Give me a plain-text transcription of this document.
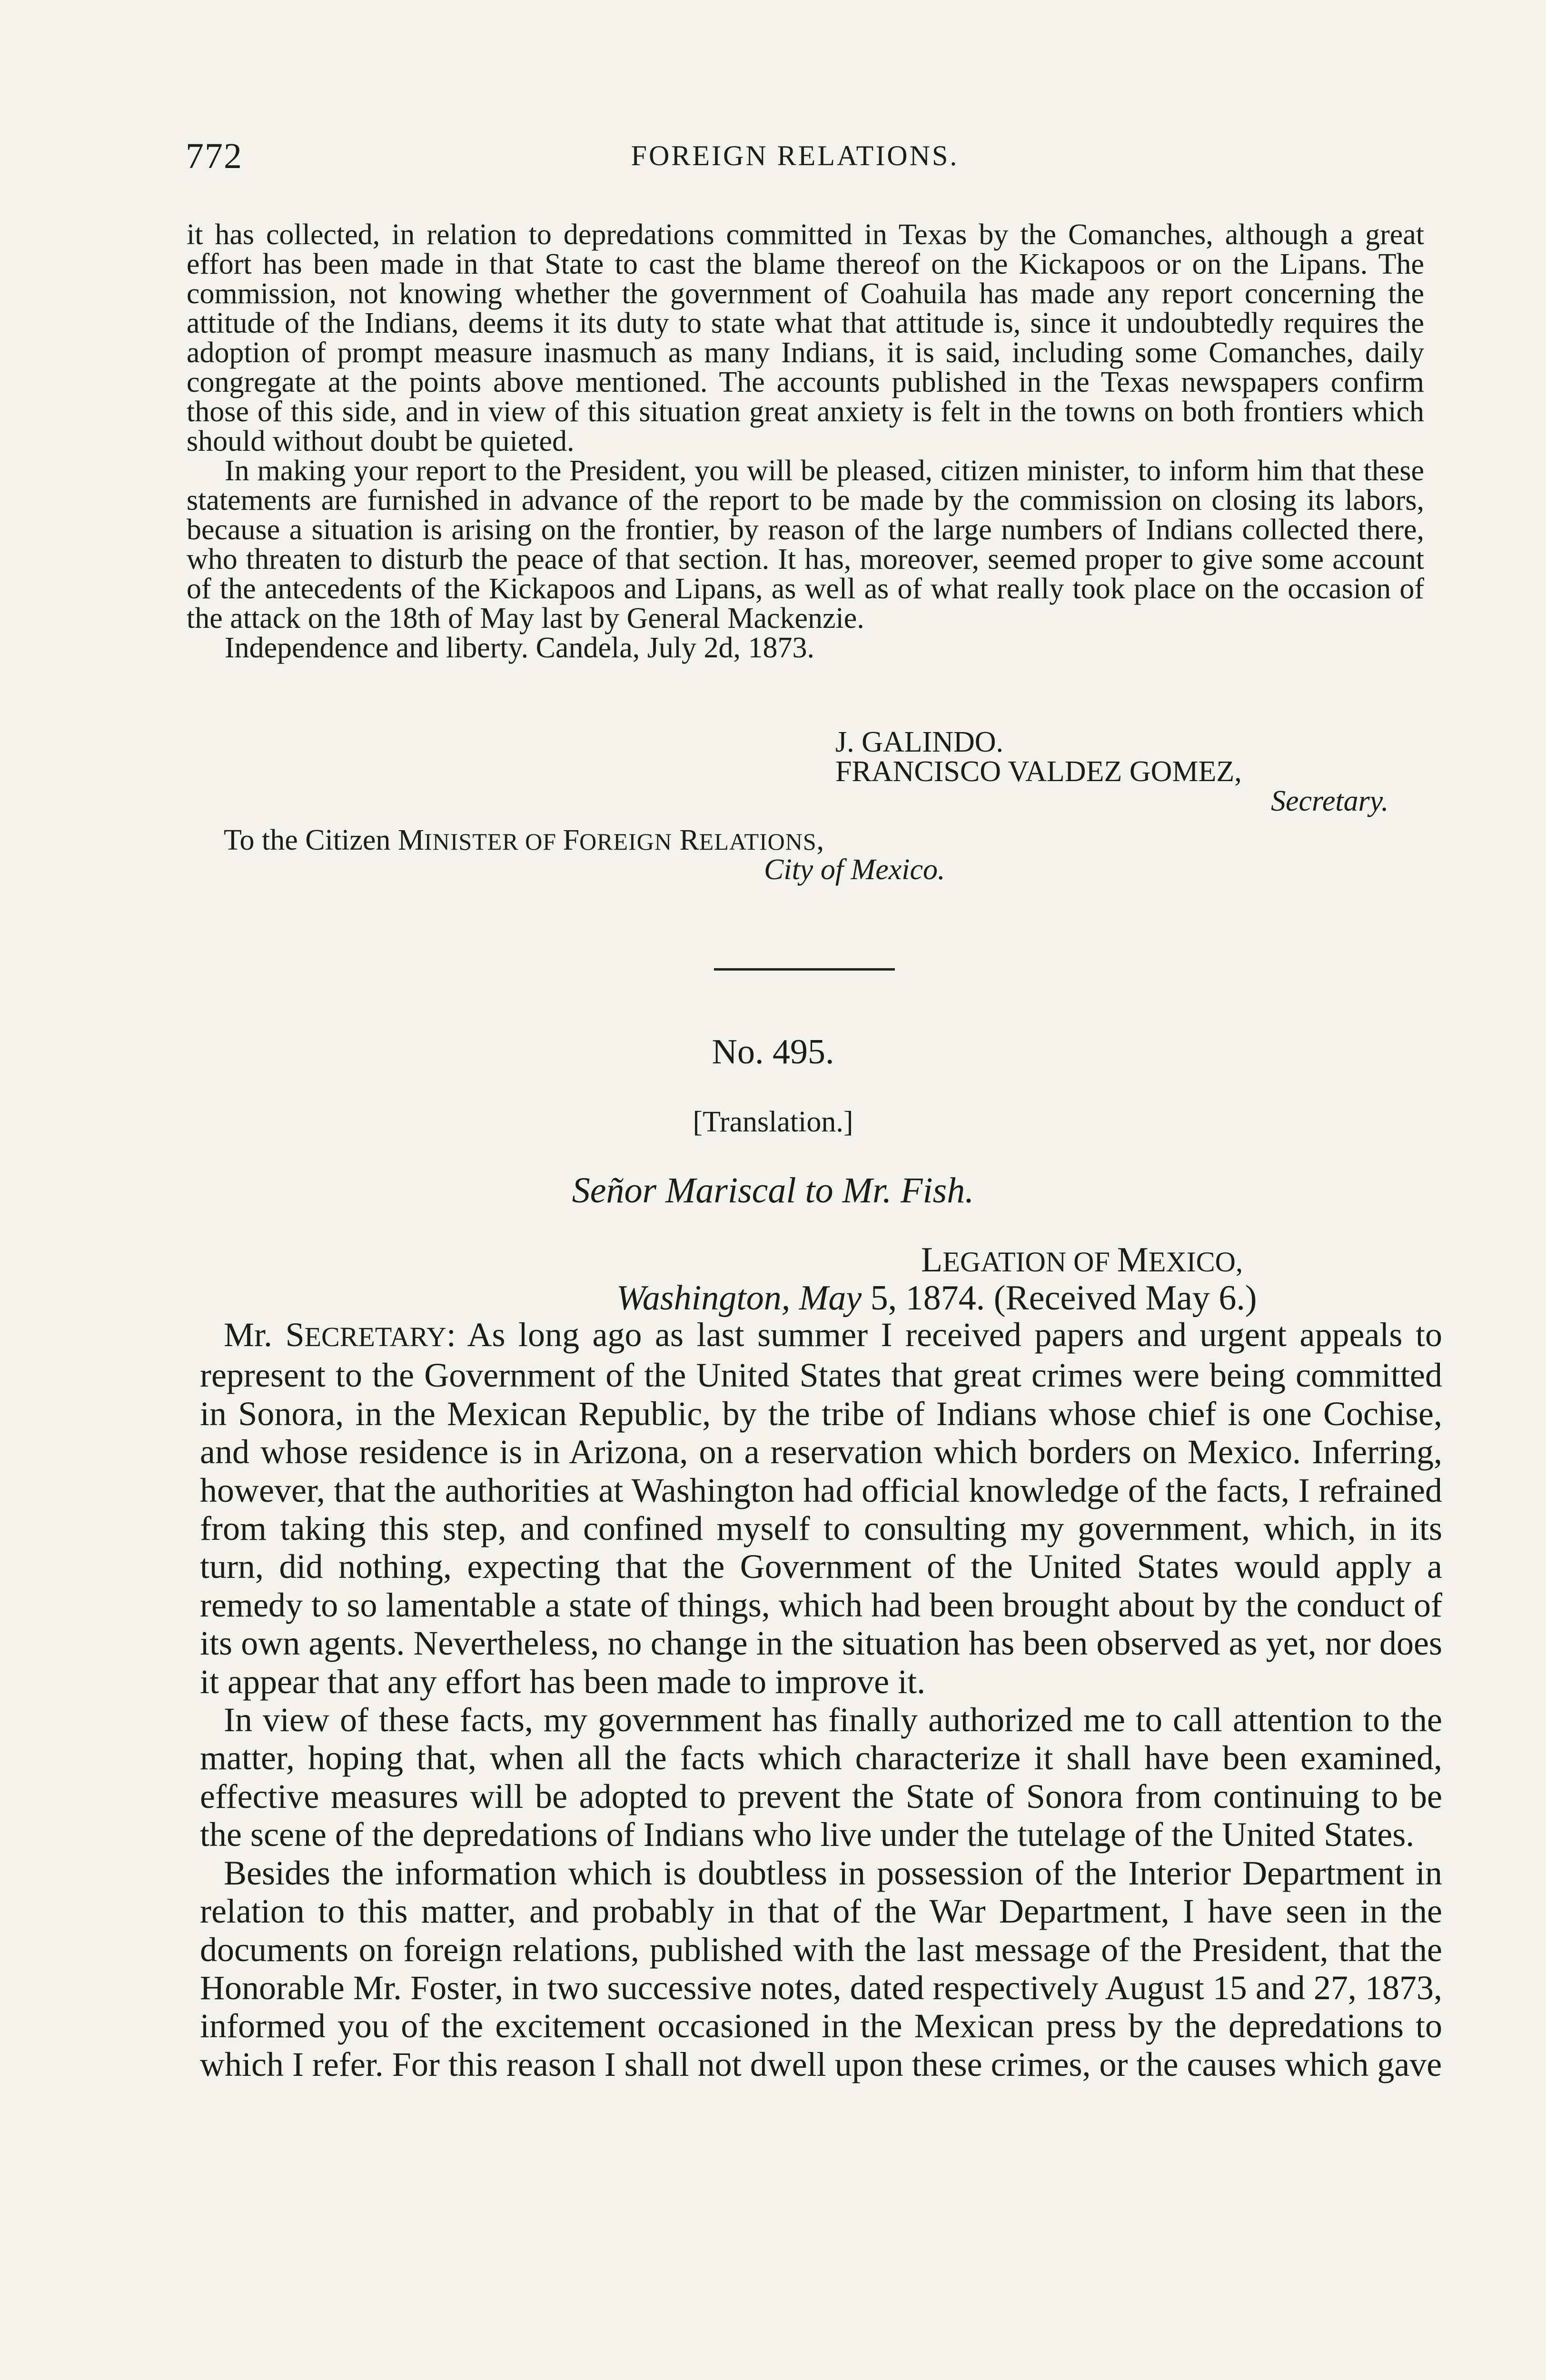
772	FOREIGN RELATIONS.

it has collected, in relation to depredations committed in Texas by the Comanches, although a great effort has been made in that State to cast the blame thereof on the Kickapoos or on the Lipans. The commission, not knowing whether the government of Coahuila has made any report concerning the attitude of the Indians, deems it its duty to state what that attitude is, since it undoubtedly requires the adoption of prompt measure inasmuch as many Indians, it is said, including some Comanches, daily congregate at the points above mentioned. The accounts published in the Texas newspapers confirm those of this side, and in view of this situation great anxiety is felt in the towns on both frontiers which should without doubt be quieted.

In making your report to the President, you will be pleased, citizen minister, to inform him that these statements are furnished in advance of the report to be made by the commission on closing its labors, because a situation is arising on the frontier, by reason of the large numbers of Indians collected there, who threaten to disturb the peace of that section. It has, moreover, seemed proper to give some account of the antecedents of the Kickapoos and Lipans, as well as of what really took place on the occasion of the attack on the 18th of May last by General Mackenzie.

Independence and liberty. Candela, July 2d, 1873.

J. GALINDO.
FRANCISCO VALDEZ GOMEZ,
Secretary.
To the Citizen MINISTER OF FOREIGN RELATIONS,
City of Mexico.
No. 495.
[Translation.]
Señor Mariscal to Mr. Fish.
LEGATION OF MEXICO,
Washington, May 5, 1874. (Received May 6.)

Mr. SECRETARY: As long ago as last summer I received papers and urgent appeals to represent to the Government of the United States that great crimes were being committed in Sonora, in the Mexican Republic, by the tribe of Indians whose chief is one Cochise, and whose residence is in Arizona, on a reservation which borders on Mexico. Inferring, however, that the authorities at Washington had official knowledge of the facts, I refrained from taking this step, and confined myself to consulting my government, which, in its turn, did nothing, expecting that the Government of the United States would apply a remedy to so lamentable a state of things, which had been brought about by the conduct of its own agents. Nevertheless, no change in the situation has been observed as yet, nor does it appear that any effort has been made to improve it.

In view of these facts, my government has finally authorized me to call attention to the matter, hoping that, when all the facts which characterize it shall have been examined, effective measures will be adopted to prevent the State of Sonora from continuing to be the scene of the depredations of Indians who live under the tutelage of the United States.

Besides the information which is doubtless in possession of the Interior Department in relation to this matter, and probably in that of the War Department, I have seen in the documents on foreign relations, published with the last message of the President, that the Honorable Mr. Foster, in two successive notes, dated respectively August 15 and 27, 1873, informed you of the excitement occasioned in the Mexican press by the depredations to which I refer. For this reason I shall not dwell upon these crimes, or the causes which gave
